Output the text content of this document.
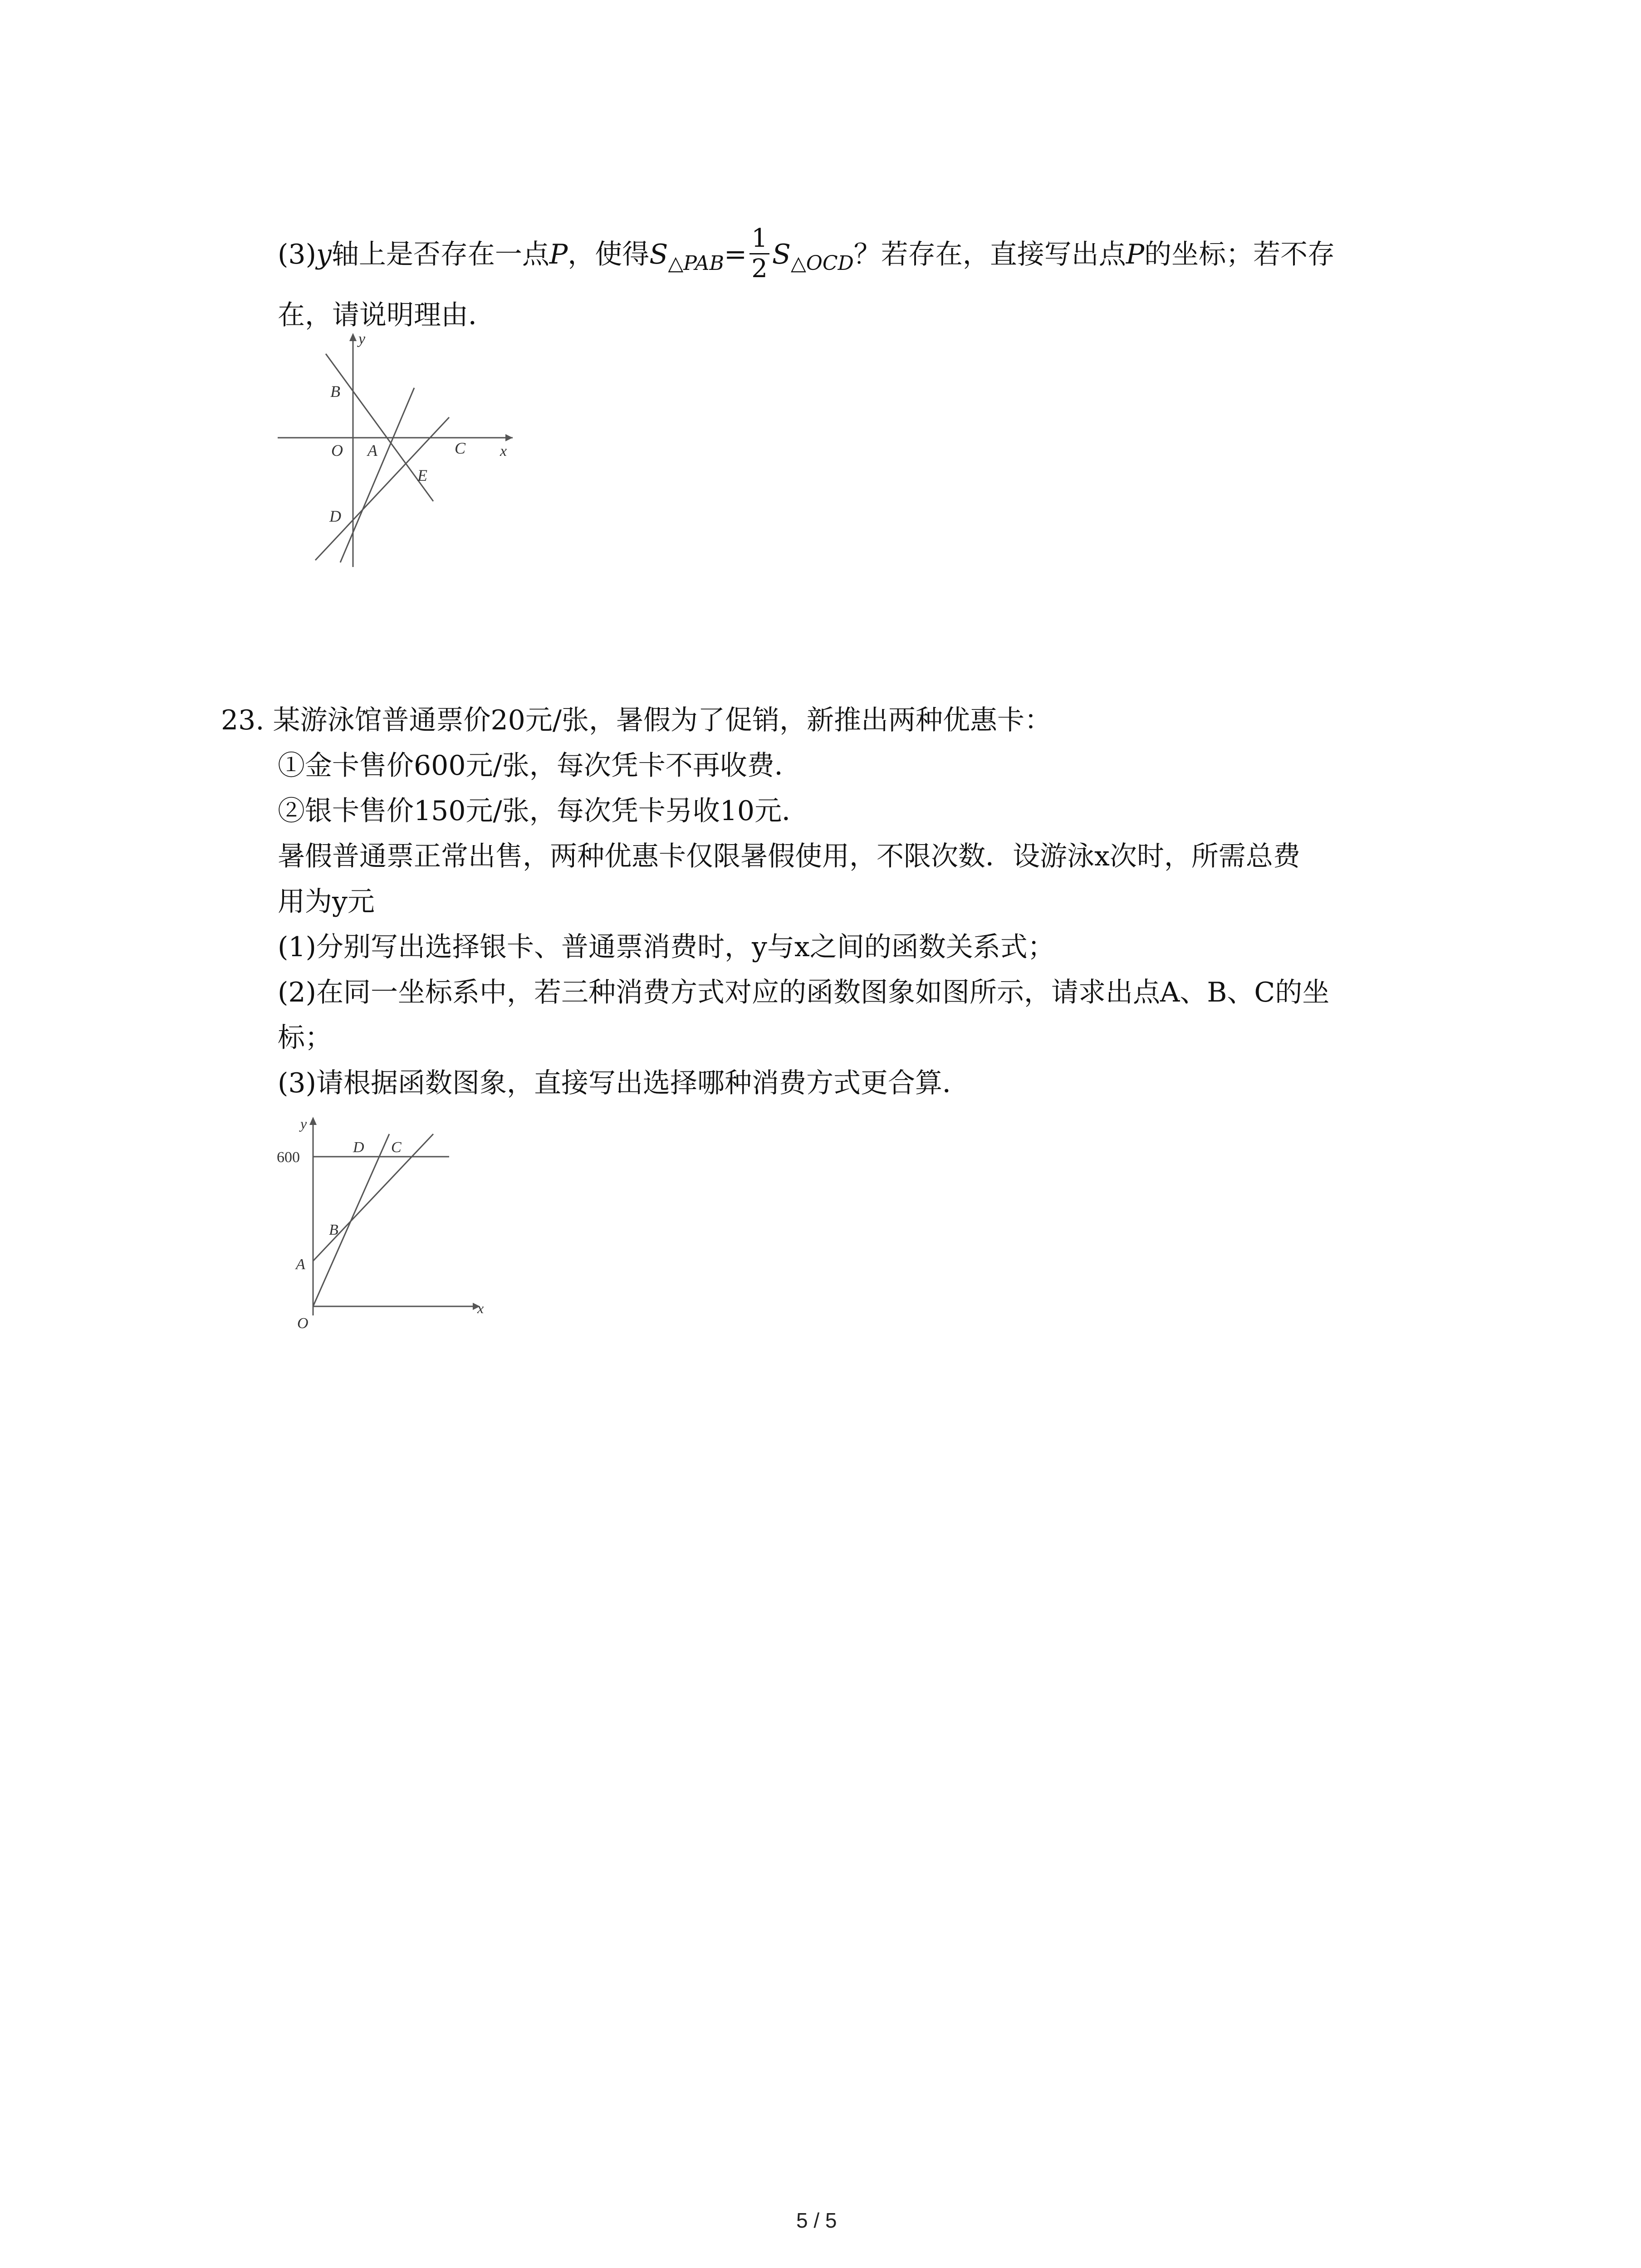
(3)y轴上是否存在一点P，使得$S_{\triangle PAB}= \frac{1}{2} S_{\triangle OCD}$？若存在，直接写出点P的坐标；若不存
在，请说明理由．
y
B
O A	C x
E
D
23. 某游泳馆普通票价20元/张，暑假为了促销，新推出两种优惠卡：
①金卡售价600元/张，每次凭卡不再收费．
②银卡售价150元/张，每次凭卡另收10元．
暑假普通票正常出售，两种优惠卡仅限暑假使用，不限次数．设游泳x次时，所需总费
用为y元
(1)分别写出选择银卡、普通票消费时，y与x之间的函数关系式；
(2)在同一坐标系中，若三种消费方式对应的函数图象如图所示，请求出点A、B、C的坐
标；
(3)请根据函数图象，直接写出选择哪种消费方式更合算．
y
600
D C
B
A
O
x
5 / 5
